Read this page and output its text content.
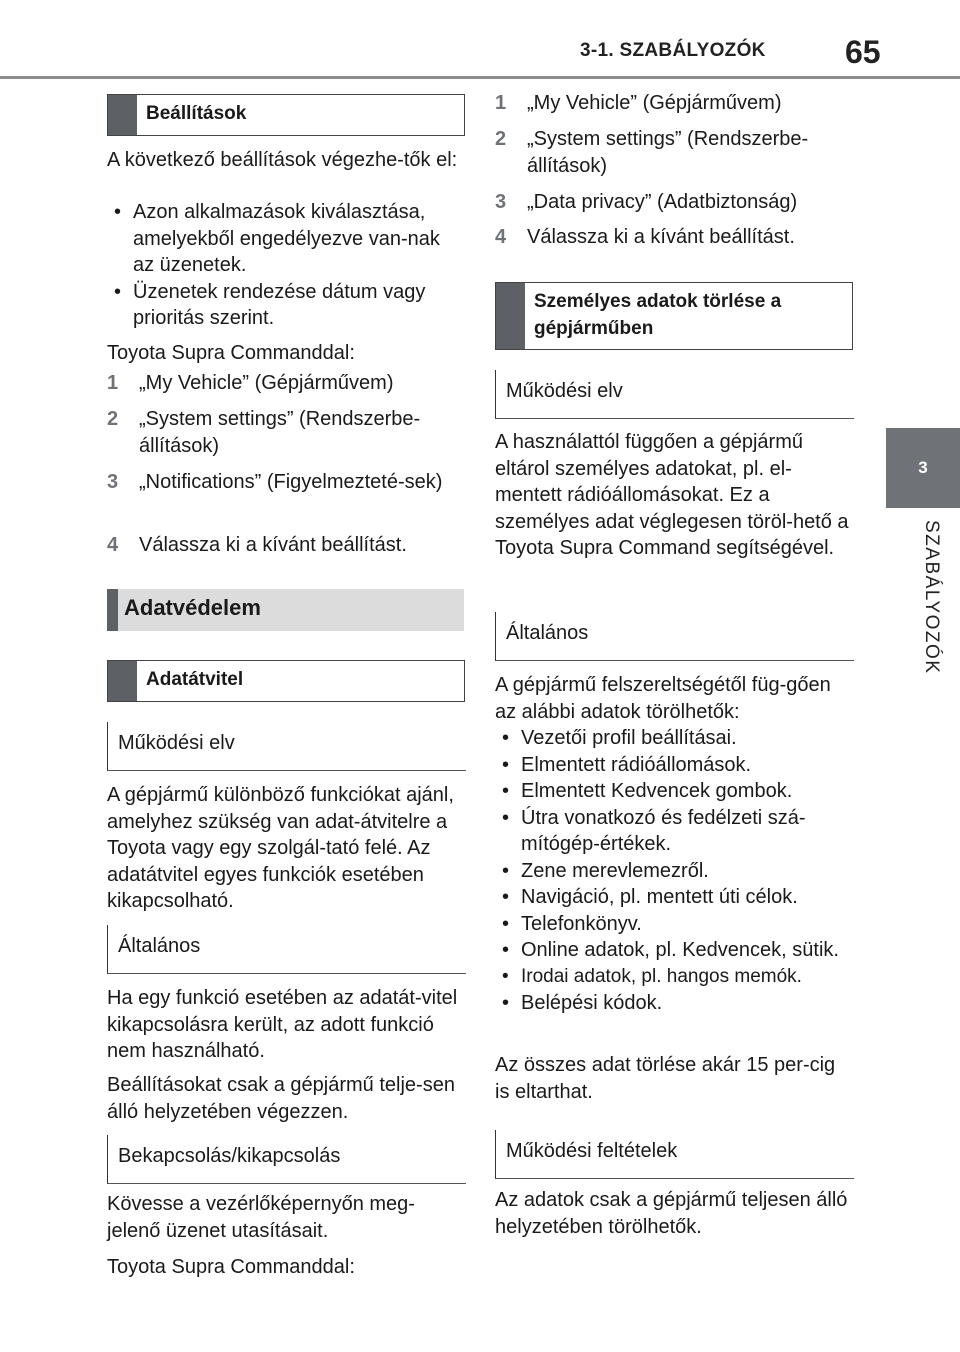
3-1. SZABÁLYOZÓK 65
3
SZABÁLYOZÓK
Beállítások
A következő beállítások végezhe-tők el:
• Azon alkalmazások kiválasztása, amelyekből engedélyezve van-nak az üzenetek.
• Üzenetek rendezése dátum vagy prioritás szerint.
Toyota Supra Commanddal:
1	„My Vehicle” (Gépjárművem)
2	„System settings” (Rendszerbe-állítások)
3	„Notifications” (Figyelmezteté-sek)
4	Válassza ki a kívánt beállítást.
Adatvédelem
Adatátvitel
Működési elv
A gépjármű különböző funkciókat ajánl, amelyhez szükség van adat-átvitelre a Toyota vagy egy szolgál-tató felé. Az adatátvitel egyes funkciók esetében kikapcsolható.
Általános
Ha egy funkció esetében az adatát-vitel kikapcsolásra került, az adott funkció nem használható.
Beállításokat csak a gépjármű telje-sen álló helyzetében végezzen.
Bekapcsolás/kikapcsolás
Kövesse a vezérlőképernyőn meg-jelenő üzenet utasításait.
Toyota Supra Commanddal:
1	„My Vehicle” (Gépjárművem)
2	„System settings” (Rendszerbe-állítások)
3	„Data privacy” (Adatbiztonság)
4	Válassza ki a kívánt beállítást.
Személyes adatok törlése a gépjárműben
Működési elv
A használattól függően a gépjármű eltárol személyes adatokat, pl. el-mentett rádióállomásokat. Ez a személyes adat véglegesen töröl-hető a Toyota Supra Command segítségével.
Általános
A gépjármű felszereltségétől füg-gően az alábbi adatok törölhetők:
• Vezetői profil beállításai.
• Elmentett rádióállomások.
• Elmentett Kedvencek gombok.
• Útra vonatkozó és fedélzeti szá-mítógép-értékek.
• Zene merevlemezről.
• Navigáció, pl. mentett úti célok.
• Telefonkönyv.
• Online adatok, pl. Kedvencek, sütik.
• Irodai adatok, pl. hangos memók.
• Belépési kódok.
Az összes adat törlése akár 15 per-cig is eltarthat.
Működési feltételek
Az adatok csak a gépjármű teljesen álló helyzetében törölhetők.
